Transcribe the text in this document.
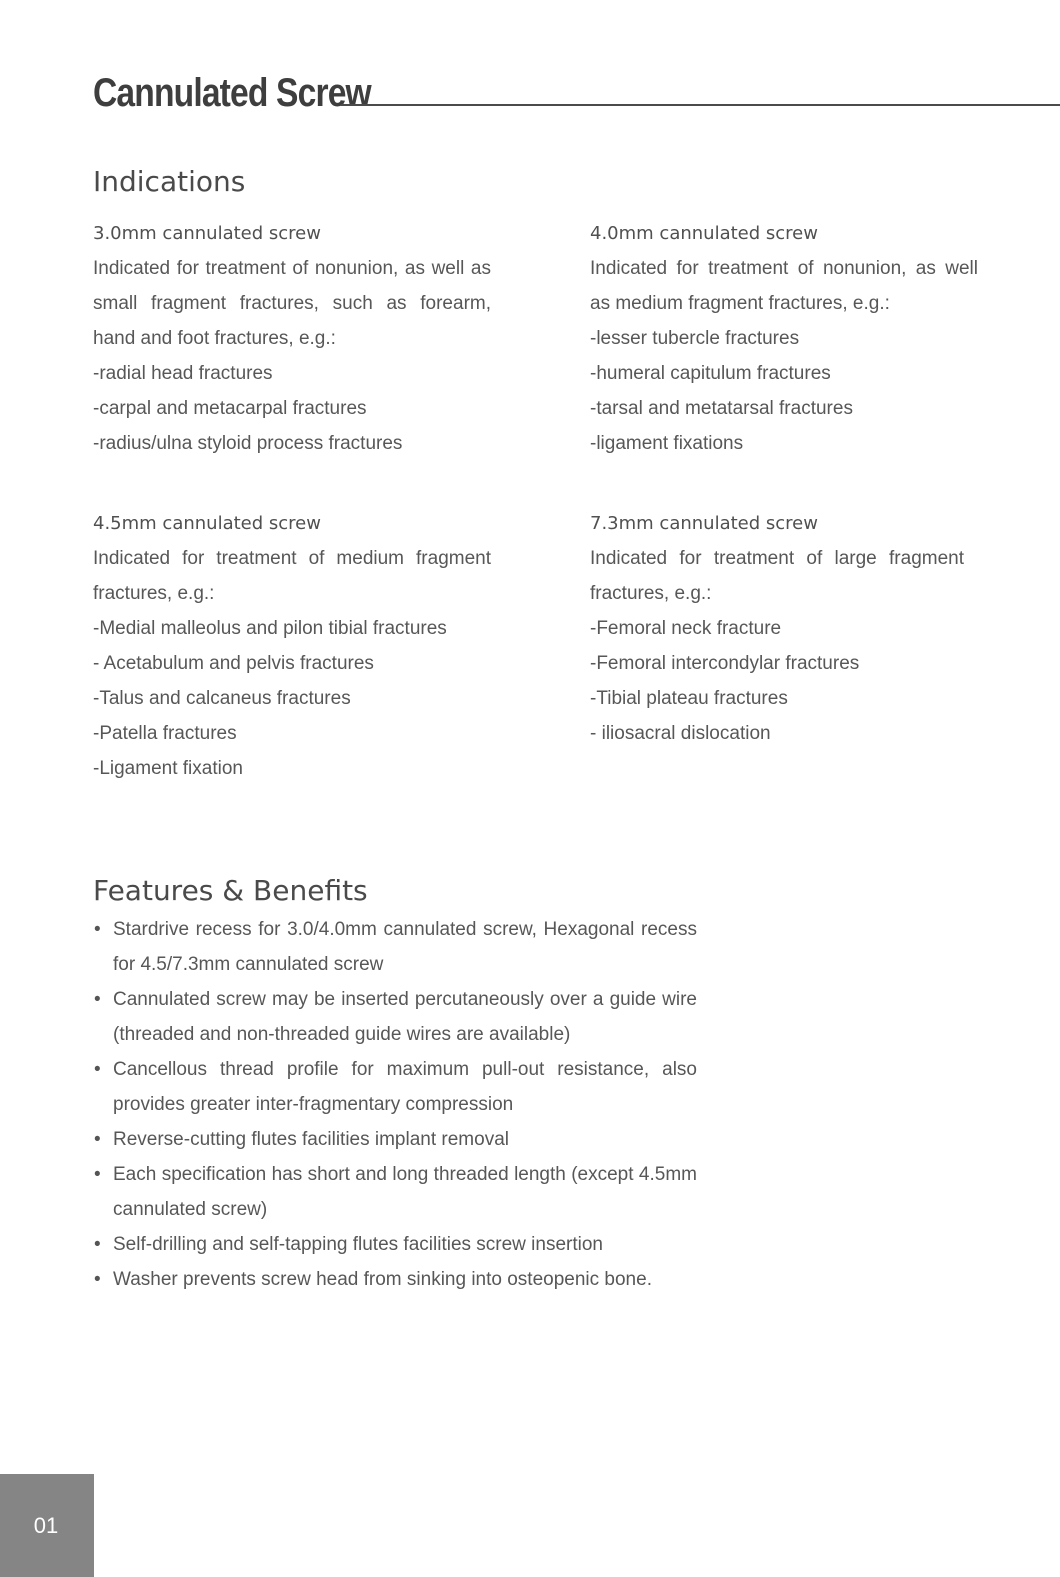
Cannulated Screw
Indications
3.0mm cannulated screw
Indicated for treatment of nonunion, as well as small fragment fractures, such as forearm, hand and foot fractures, e.g.:
-radial head fractures
-carpal and metacarpal fractures
-radius/ulna styloid process fractures
4.0mm cannulated screw
Indicated for treatment of nonunion, as well as medium fragment fractures, e.g.:
-lesser tubercle fractures
-humeral capitulum fractures
-tarsal and metatarsal fractures
-ligament fixations
4.5mm cannulated screw
Indicated for treatment of medium fragment fractures, e.g.:
-Medial malleolus and pilon tibial fractures
- Acetabulum and pelvis fractures
-Talus and calcaneus fractures
-Patella fractures
-Ligament fixation
7.3mm cannulated screw
Indicated for treatment of large fragment fractures, e.g.:
-Femoral neck fracture
-Femoral intercondylar fractures
-Tibial plateau fractures
- iliosacral dislocation
Features & Benefits
• Stardrive recess for 3.0/4.0mm cannulated screw, Hexagonal recess for 4.5/7.3mm cannulated screw
• Cannulated screw may be inserted percutaneously over a guide wire (threaded and non-threaded guide wires are available)
• Cancellous thread profile for maximum pull-out resistance, also provides greater inter-fragmentary compression
• Reverse-cutting flutes facilities implant removal
• Each specification has short and long threaded length (except 4.5mm cannulated screw)
• Self-drilling and self-tapping flutes facilities screw insertion
• Washer prevents screw head from sinking into osteopenic bone.
01
